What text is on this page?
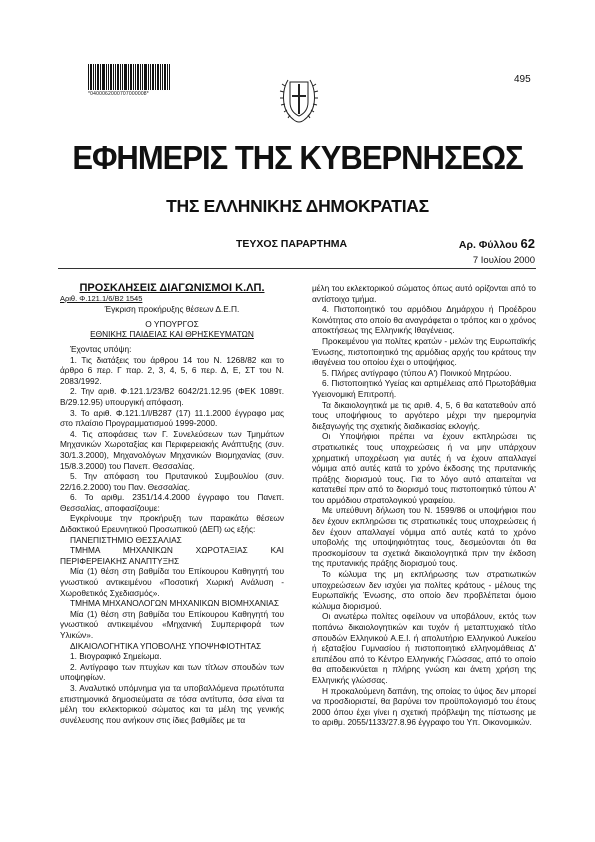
*0400062000707000008*
495
ΕΦΗΜΕΡΙΣ ΤΗΣ ΚΥΒΕΡΝΗΣΕΩΣ
ΤΗΣ ΕΛΛΗΝΙΚΗΣ ΔΗΜΟΚΡΑΤΙΑΣ
ΤΕΥΧΟΣ ΠΑΡΑΡΤΗΜΑ	Αρ. Φύλλου 62
7 Ιουλίου 2000

ΠΡΟΣΚΛΗΣΕΙΣ ΔΙΑΓΩΝΙΣΜΟΙ Κ.ΛΠ.

Αριθ. Φ.121.1/6/Β2 1545

Έγκριση προκήρυξης θέσεων Δ.Ε.Π.

Ο ΥΠΟΥΡΓΟΣ

ΕΘΝΙΚΗΣ ΠΑΙΔΕΙΑΣ ΚΑΙ ΘΡΗΣΚΕΥΜΑΤΩΝ

Έχοντας υπόψη:

1. Τις διατάξεις του άρθρου 14 του Ν. 1268/82 και το άρθρο 6 περ. Γ παρ. 2, 3, 4, 5, 6 περ. Δ, Ε, ΣΤ του Ν. 2083/1992.

2. Την αριθ. Φ.121.1/23/Β2 6042/21.12.95 (ΦΕΚ 1089τ. Β/29.12.95) υπουργική απόφαση.

3. Το αριθ. Φ.121.1/Ι/Β287 (17) 11.1.2000 έγγραφο μας στο πλαίσιο Προγραμματισμού 1999-2000.

4. Τις αποφάσεις των Γ. Συνελεύσεων των Τμημάτων Μηχανικών Χωροταξίας και Περιφερειακής Ανάπτυξης (συν. 30/1.3.2000), Μηχανολόγων Μηχανικών Βιομηχανίας (συν. 15/8.3.2000) του Πανεπ. Θεσσαλίας.

5. Την απόφαση του Πρυτανικού Συμβουλίου (συν. 22/16.2.2000) του Παν. Θεσσαλίας.

6. Το αριθμ. 2351/14.4.2000 έγγραφο του Πανεπ. Θεσσαλίας, αποφασίζουμε:

Εγκρίνουμε την προκήρυξη των παρακάτω θέσεων Διδακτικού Ερευνητικού Προσωπικού (ΔΕΠ) ως εξής:

ΠΑΝΕΠΙΣΤΗΜΙΟ ΘΕΣΣΑΛΙΑΣ

ΤΜΗΜΑ ΜΗΧΑΝΙΚΩΝ ΧΩΡΟΤΑΞΙΑΣ ΚΑΙ ΠΕΡΙΦΕΡΕΙΑΚΗΣ ΑΝΑΠΤΥΞΗΣ

Μία (1) θέση στη βαθμίδα του Επίκουρου Καθηγητή του γνωστικού αντικειμένου «Ποσοτική Χωρική Ανάλυση - Χωροθετικός Σχεδιασμός».

ΤΜΗΜΑ ΜΗΧΑΝΟΛΟΓΩΝ ΜΗΧΑΝΙΚΩΝ ΒΙΟΜΗΧΑΝΙΑΣ

Μία (1) θέση στη βαθμίδα του Επίκουρου Καθηγητή του γνωστικού αντικειμένου «Μηχανική Συμπεριφορά των Υλικών».

ΔΙΚΑΙΟΛΟΓΗΤΙΚΑ ΥΠΟΒΟΛΗΣ ΥΠΟΨΗΦΙΟΤΗΤΑΣ

1. Βιογραφικό Σημείωμα.

2. Αντίγραφο των πτυχίων και των τίτλων σπουδών των υποψηφίων.

3. Αναλυτικό υπόμνημα για τα υποβαλλόμενα πρωτότυπα επιστημονικά δημοσιεύματα σε τόσα αντίτυπα, όσα είναι τα μέλη του εκλεκτορικού σώματος και τα μέλη της γενικής συνέλευσης που ανήκουν στις ίδιες βαθμίδες με τα

μέλη του εκλεκτορικού σώματος όπως αυτό ορίζονται από το αντίστοιχο τμήμα.

4. Πιστοποιητικό του αρμόδιου Δημάρχου ή Προέδρου Κοινότητας στο οποίο θα αναγράφεται ο τρόπος και ο χρόνος αποκτήσεως της Ελληνικής Ιθαγένειας.

Προκειμένου για πολίτες κρατών - μελών της Ευρωπαϊκής Ένωσης, πιστοποιητικό της αρμόδιας αρχής του κράτους την ιθαγένεια του οποίου έχει ο υποψήφιος.

5. Πλήρες αντίγραφο (τύπου Α') Ποινικού Μητρώου.

6. Πιστοποιητικό Υγείας και αρτιμέλειας από Πρωτοβάθμια Υγειονομική Επιτροπή.

Τα δικαιολογητικά με τις αριθ. 4, 5, 6 θα κατατεθούν από τους υποψήφιους το αργότερο μέχρι την ημερομηνία διεξαγωγής της σχετικής διαδικασίας εκλογής.

Οι Υποψήφιοι πρέπει να έχουν εκπληρώσει τις στρατιωτικές τους υποχρεώσεις ή να μην υπάρχουν χρηματική υποχρέωση για αυτές ή να έχουν απαλλαγεί νόμιμα από αυτές κατά το χρόνο έκδοσης της πρυτανικής πράξης διορισμού τους. Για το λόγο αυτό απαιτείται να κατατεθεί πριν από το διορισμό τους πιστοποιητικό τύπου Α' του αρμόδιου στρατολογικού γραφείου.

Με υπεύθυνη δήλωση του Ν. 1599/86 οι υποψήφιοι που δεν έχουν εκπληρώσει τις στρατιωτικές τους υποχρεώσεις ή δεν έχουν απαλλαγεί νόμιμα από αυτές κατά το χρόνο υποβολής της υποψηφιότητας τους, δεσμεύονται ότι θα προσκομίσουν τα σχετικά δικαιολογητικά πριν την έκδοση της πρυτανικής πράξης διορισμού τους.

Το κώλυμα της μη εκπλήρωσης των στρατιωτικών υποχρεώσεων δεν ισχύει για πολίτες κράτους - μέλους της Ευρωπαϊκής Ένωσης, στο οποίο δεν προβλέπεται όμοιο κώλυμα διορισμού.

Οι ανωτέρω πολίτες οφείλουν να υποβάλουν, εκτός των ποπάνω δικαιολογητικών και τυχόν ή μεταπτυχιακό τίτλο σπουδών Ελληνικού Α.Ε.Ι. ή απολυτήριο Ελληνικού Λυκείου ή εξαταξίου Γυμνασίου ή πιστοποιητικό ελληνομάθειας Δ' επιπέδου από το Κέντρο Ελληνικής Γλώσσας, από το οποίο θα αποδεικνύεται η πλήρης γνώση και άνετη χρήση της Ελληνικής γλώσσας.

Η προκαλούμενη δαπάνη, της οποίας το ύψος δεν μπορεί να προσδιοριστεί, θα βαρύνει τον προϋπολογισμό του έτους 2000 όπου έχει γίνει η σχετική πρόβλεψη της πίστωσης με το αριθμ. 2055/1133/27.8.96 έγγραφο του Υπ. Οικονομικών.
